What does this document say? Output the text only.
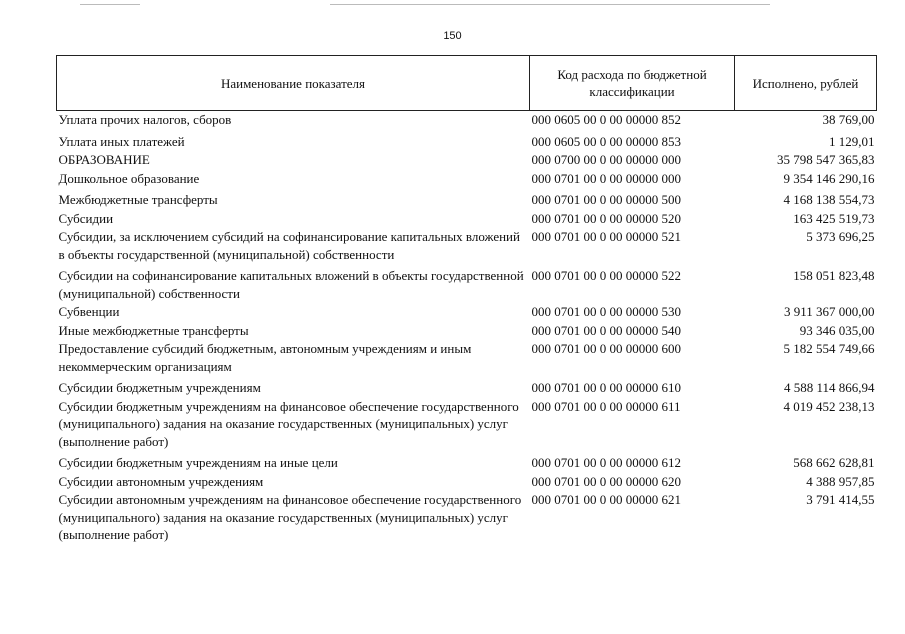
150
Наименование показателя	Код расхода по бюджетной классификации	Исполнено, рублей
Уплата прочих налогов, сборов	000 0605 00 0 00 00000 852	38 769,00
Уплата иных платежей	000 0605 00 0 00 00000 853	1 129,01
ОБРАЗОВАНИЕ	000 0700 00 0 00 00000 000	35 798 547 365,83
Дошкольное образование	000 0701 00 0 00 00000 000	9 354 146 290,16
Межбюджетные трансферты	000 0701 00 0 00 00000 500	4 168 138 554,73
Субсидии	000 0701 00 0 00 00000 520	163 425 519,73
Субсидии, за исключением субсидий на софинансирование капитальных вложений в объекты государственной (муниципальной) собственности	000 0701 00 0 00 00000 521	5 373 696,25
Субсидии на софинансирование капитальных вложений в объекты государственной (муниципальной) собственности	000 0701 00 0 00 00000 522	158 051 823,48
Субвенции	000 0701 00 0 00 00000 530	3 911 367 000,00
Иные межбюджетные трансферты	000 0701 00 0 00 00000 540	93 346 035,00
Предоставление субсидий бюджетным, автономным учреждениям и иным некоммерческим организациям	000 0701 00 0 00 00000 600	5 182 554 749,66
Субсидии бюджетным учреждениям	000 0701 00 0 00 00000 610	4 588 114 866,94
Субсидии бюджетным учреждениям на финансовое обеспечение государственного (муниципального) задания на оказание государственных (муниципальных) услуг (выполнение работ)	000 0701 00 0 00 00000 611	4 019 452 238,13
Субсидии бюджетным учреждениям на иные цели	000 0701 00 0 00 00000 612	568 662 628,81
Субсидии автономным учреждениям	000 0701 00 0 00 00000 620	4 388 957,85
Субсидии автономным учреждениям на финансовое обеспечение государственного (муниципального) задания на оказание государственных (муниципальных) услуг (выполнение работ)	000 0701 00 0 00 00000 621	3 791 414,55
